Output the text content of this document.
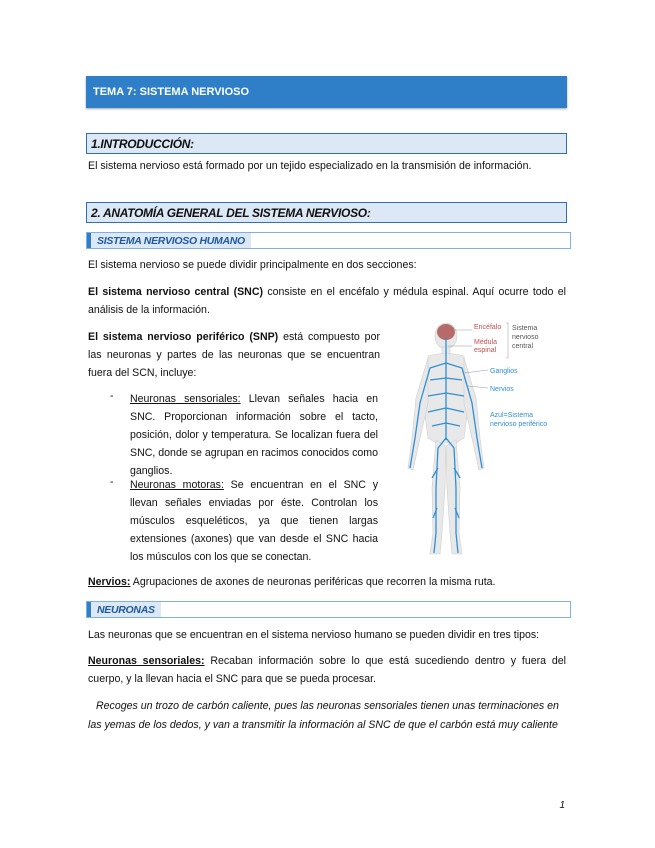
TEMA 7: SISTEMA NERVIOSO
1.INTRODUCCIÓN:
El sistema nervioso está formado por un tejido especializado en la transmisión de información.
2. ANATOMÍA GENERAL DEL SISTEMA NERVIOSO:
SISTEMA NERVIOSO HUMANO
El sistema nervioso se puede dividir principalmente en dos secciones:
El sistema nervioso central (SNC) consiste en el encéfalo y médula espinal. Aquí ocurre todo el análisis de la información.
El sistema nervioso periférico (SNP) está compuesto por las neuronas y partes de las neuronas que se encuentran fuera del SCN, incluye:
- Neuronas sensoriales: Llevan señales hacia en SNC. Proporcionan información sobre el tacto, posición, dolor y temperatura. Se localizan fuera del SNC, donde se agrupan en racimos conocidos como ganglios.
- Neuronas motoras: Se encuentran en el SNC y llevan señales enviadas por éste. Controlan los músculos esqueléticos, ya que tienen largas extensiones (axones) que van desde el SNC hacia los músculos con los que se conectan.
Nervios: Agrupaciones de axones de neuronas periféricas que recorren la misma ruta.
NEURONAS
Las neuronas que se encuentran en el sistema nervioso humano se pueden dividir en tres tipos:
Neuronas sensoriales: Recaban información sobre lo que está sucediendo dentro y fuera del cuerpo, y la llevan hacia el SNC para que se pueda procesar.
Recoges un trozo de carbón caliente, pues las neuronas sensoriales tienen unas terminaciones en las yemas de los dedos, y van a transmitir la información al SNC de que el carbón está muy caliente
1
Encéfalo
Médula
espinal
Sistema
nervioso
central
Ganglios
Nervios
Azul=Sistema
nervioso periférico
